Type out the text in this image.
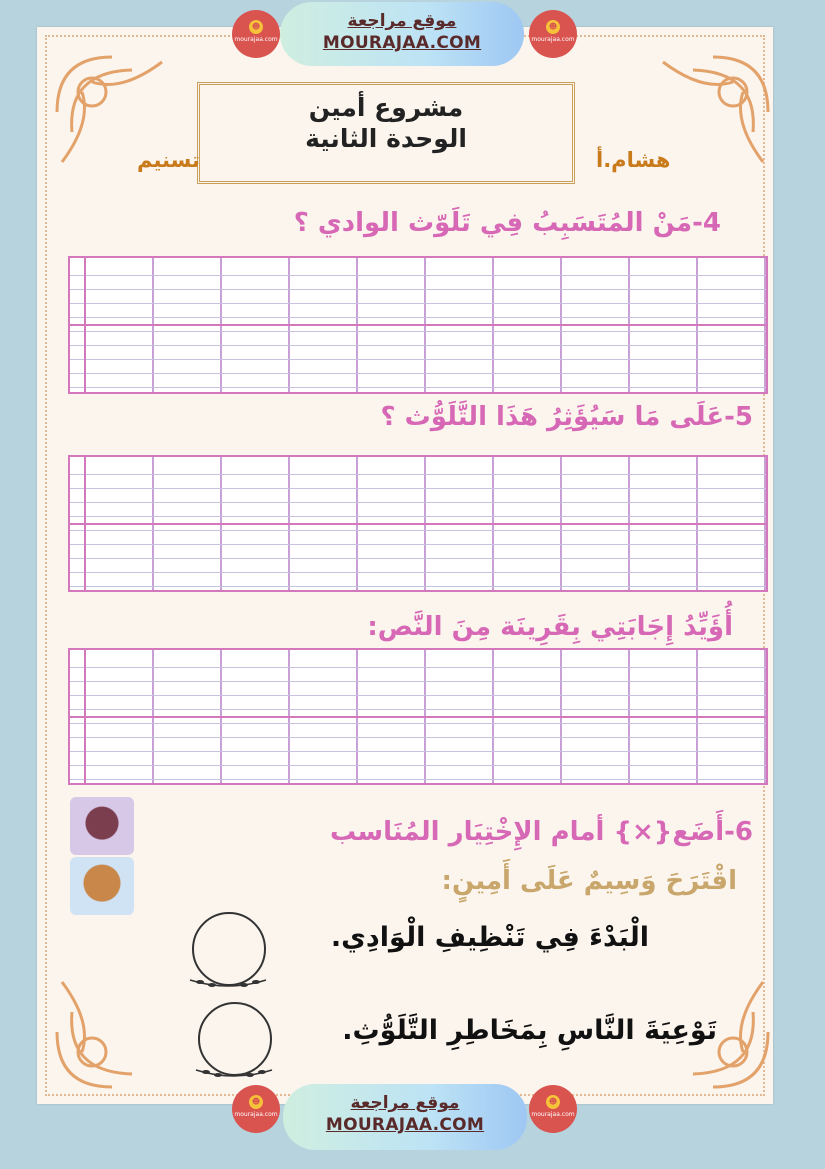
☻
mourajaa.com
موقع مراجعة
MOURAJAA.COM
☻
mourajaa.com
مشروع أمين
الوحدة الثانية
هشام.أ
تسنيم
4-مَنْ المُتَسَبِبُ فِي تَلَوّث الوادي ؟
5-عَلَى مَا سَيُؤَثِرُ هَذَا التَّلَوُّث ؟
أُؤَيِّدُ إِجَابَتِي بِقَرِينَة مِنَ النَّص:
6-أَضَع{×} أمام الإِخْتِيَار المُنَاسب
اقْتَرَحَ وَسِيمٌ عَلَى أَمِينٍ:
الْبَدْءَ فِي تَنْظِيفِ الْوَادِي.
تَوْعِيَةَ النَّاسِ بِمَخَاطِرِ التَّلَوُّثِ.
☻
mourajaa.com
موقع مراجعة
MOURAJAA.COM
☻
mourajaa.com
